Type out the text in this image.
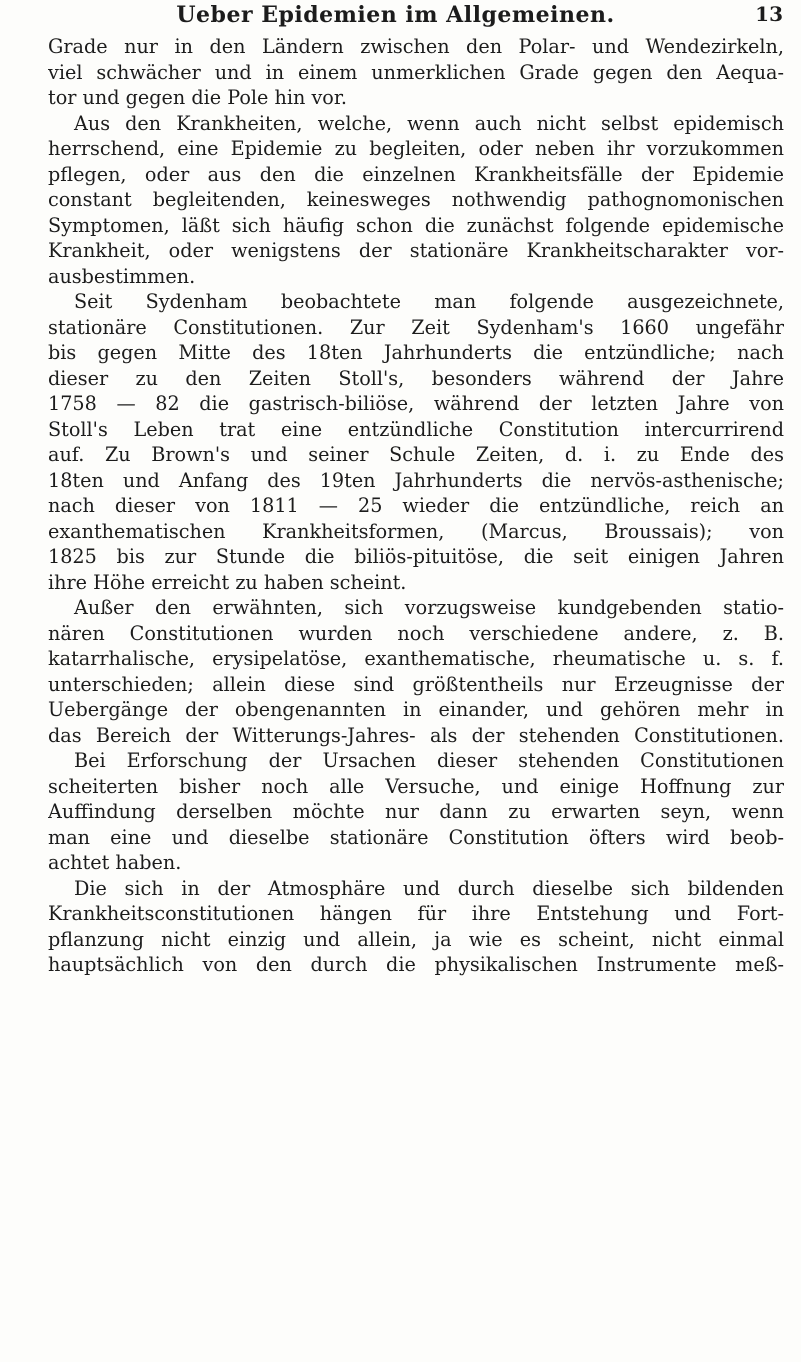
Ueber Epidemien im Allgemeinen.	13
Grade nur in den Ländern zwischen den Polar- und Wendezirkeln,
viel schwächer und in einem unmerklichen Grade gegen den Aequa-
tor und gegen die Pole hin vor.
Aus den Krankheiten, welche, wenn auch nicht selbst epidemisch
herrschend, eine Epidemie zu begleiten, oder neben ihr vorzukommen
pflegen, oder aus den die einzelnen Krankheitsfälle der Epidemie
constant begleitenden, keinesweges nothwendig pathognomonischen
Symptomen, läßt sich häufig schon die zunächst folgende epidemische
Krankheit, oder wenigstens der stationäre Krankheitscharakter vor-
ausbestimmen.
Seit Sydenham beobachtete man folgende ausgezeichnete,
stationäre Constitutionen. Zur Zeit Sydenham's 1660 ungefähr
bis gegen Mitte des 18ten Jahrhunderts die entzündliche; nach
dieser zu den Zeiten Stoll's, besonders während der Jahre
1758 — 82 die gastrisch-biliöse, während der letzten Jahre von
Stoll's Leben trat eine entzündliche Constitution intercurrirend
auf. Zu Brown's und seiner Schule Zeiten, d. i. zu Ende des
18ten und Anfang des 19ten Jahrhunderts die nervös-asthenische;
nach dieser von 1811 — 25 wieder die entzündliche, reich an
exanthematischen Krankheitsformen, (Marcus, Broussais); von
1825 bis zur Stunde die biliös-pituitöse, die seit einigen Jahren
ihre Höhe erreicht zu haben scheint.
Außer den erwähnten, sich vorzugsweise kundgebenden statio-
nären Constitutionen wurden noch verschiedene andere, z. B.
katarrhalische, erysipelatöse, exanthematische, rheumatische u. s. f.
unterschieden; allein diese sind größtentheils nur Erzeugnisse der
Uebergänge der obengenannten in einander, und gehören mehr in
das Bereich der Witterungs-Jahres- als der stehenden Constitutionen.
Bei Erforschung der Ursachen dieser stehenden Constitutionen
scheiterten bisher noch alle Versuche, und einige Hoffnung zur
Auffindung derselben möchte nur dann zu erwarten seyn, wenn
man eine und dieselbe stationäre Constitution öfters wird beob-
achtet haben.
Die sich in der Atmosphäre und durch dieselbe sich bildenden
Krankheitsconstitutionen hängen für ihre Entstehung und Fort-
pflanzung nicht einzig und allein, ja wie es scheint, nicht einmal
hauptsächlich von den durch die physikalischen Instrumente meß-
